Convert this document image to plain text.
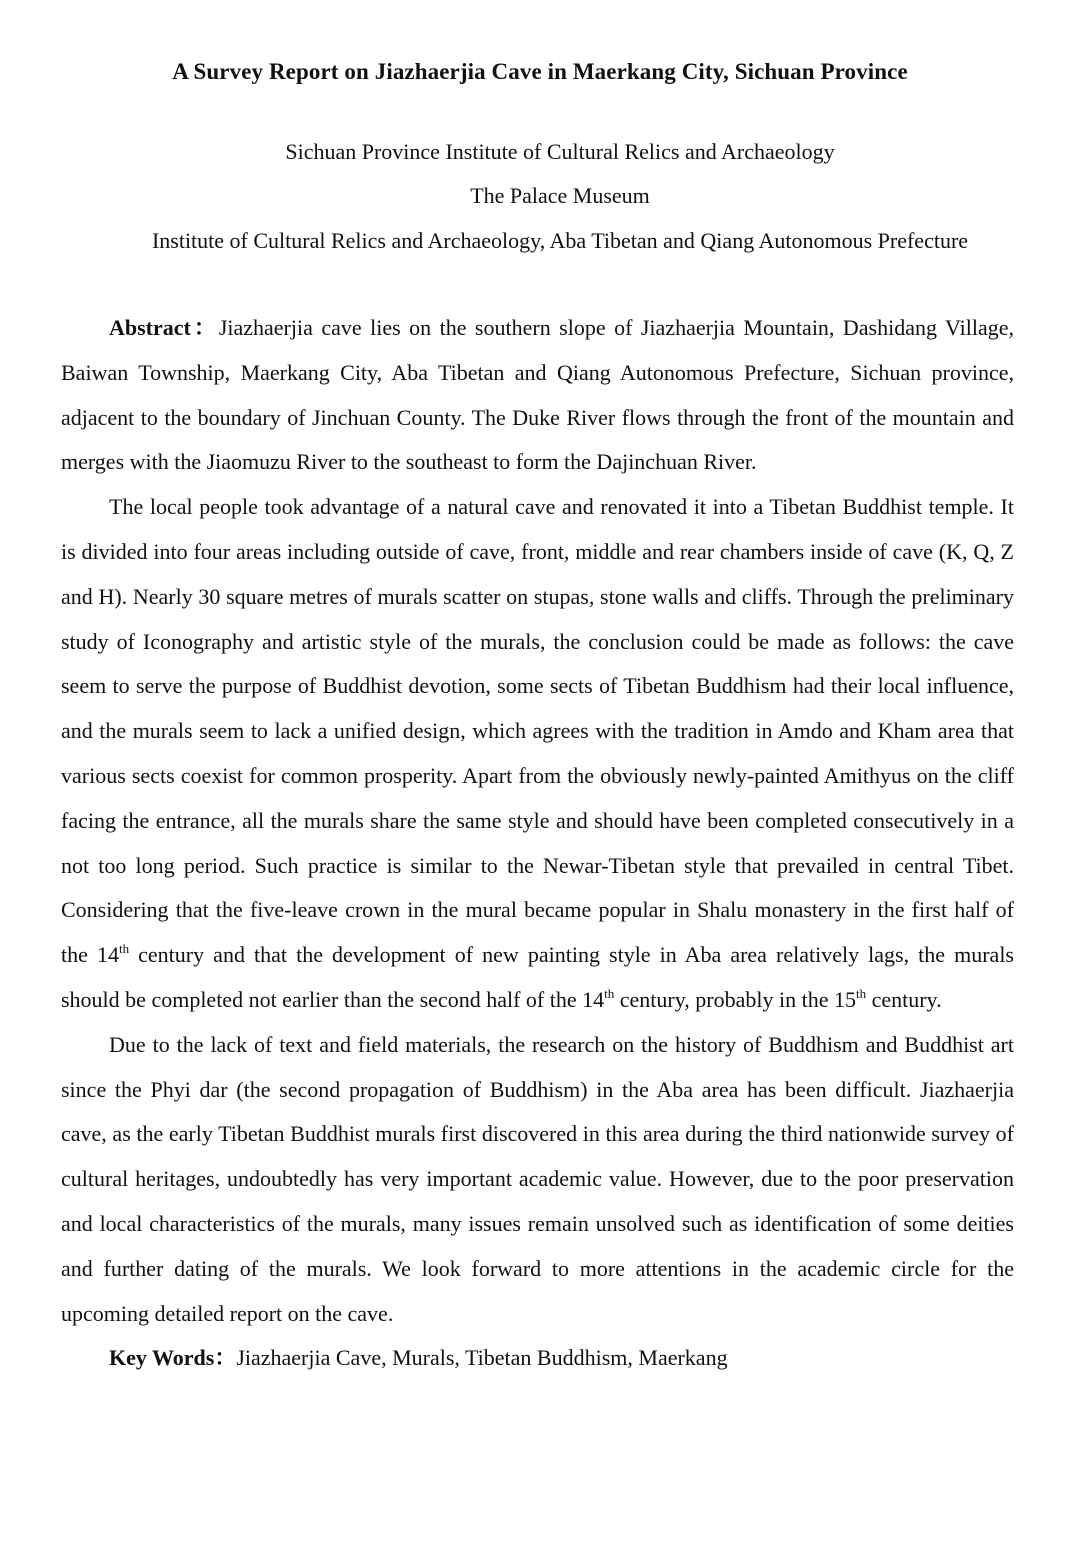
A Survey Report on Jiazhaerjia Cave in Maerkang City, Sichuan Province
Sichuan Province Institute of Cultural Relics and Archaeology
The Palace Museum
Institute of Cultural Relics and Archaeology, Aba Tibetan and Qiang Autonomous Prefecture

Abstract：Jiazhaerjia cave lies on the southern slope of Jiazhaerjia Mountain, Dashidang Village, Baiwan Township, Maerkang City, Aba Tibetan and Qiang Autonomous Prefecture, Sichuan province, adjacent to the boundary of Jinchuan County. The Duke River flows through the front of the mountain and merges with the Jiaomuzu River to the southeast to form the Dajinchuan River.

The local people took advantage of a natural cave and renovated it into a Tibetan Buddhist temple. It is divided into four areas including outside of cave, front, middle and rear chambers inside of cave (K, Q, Z and H). Nearly 30 square metres of murals scatter on stupas, stone walls and cliffs. Through the preliminary study of Iconography and artistic style of the murals, the conclusion could be made as follows: the cave seem to serve the purpose of Buddhist devotion, some sects of Tibetan Buddhism had their local influence, and the murals seem to lack a unified design, which agrees with the tradition in Amdo and Kham area that various sects coexist for common prosperity. Apart from the obviously newly-painted Amithyus on the cliff facing the entrance, all the murals share the same style and should have been completed consecutively in a not too long period. Such practice is similar to the Newar-Tibetan style that prevailed in central Tibet. Considering that the five-leave crown in the mural became popular in Shalu monastery in the first half of the 14th century and that the development of new painting style in Aba area relatively lags, the murals should be completed not earlier than the second half of the 14th century, probably in the 15th century.

Due to the lack of text and field materials, the research on the history of Buddhism and Buddhist art since the Phyi dar (the second propagation of Buddhism) in the Aba area has been difficult. Jiazhaerjia cave, as the early Tibetan Buddhist murals first discovered in this area during the third nationwide survey of cultural heritages, undoubtedly has very important academic value. However, due to the poor preservation and local characteristics of the murals, many issues remain unsolved such as identification of some deities and further dating of the murals. We look forward to more attentions in the academic circle for the upcoming detailed report on the cave.

Key Words：Jiazhaerjia Cave, Murals, Tibetan Buddhism, Maerkang
